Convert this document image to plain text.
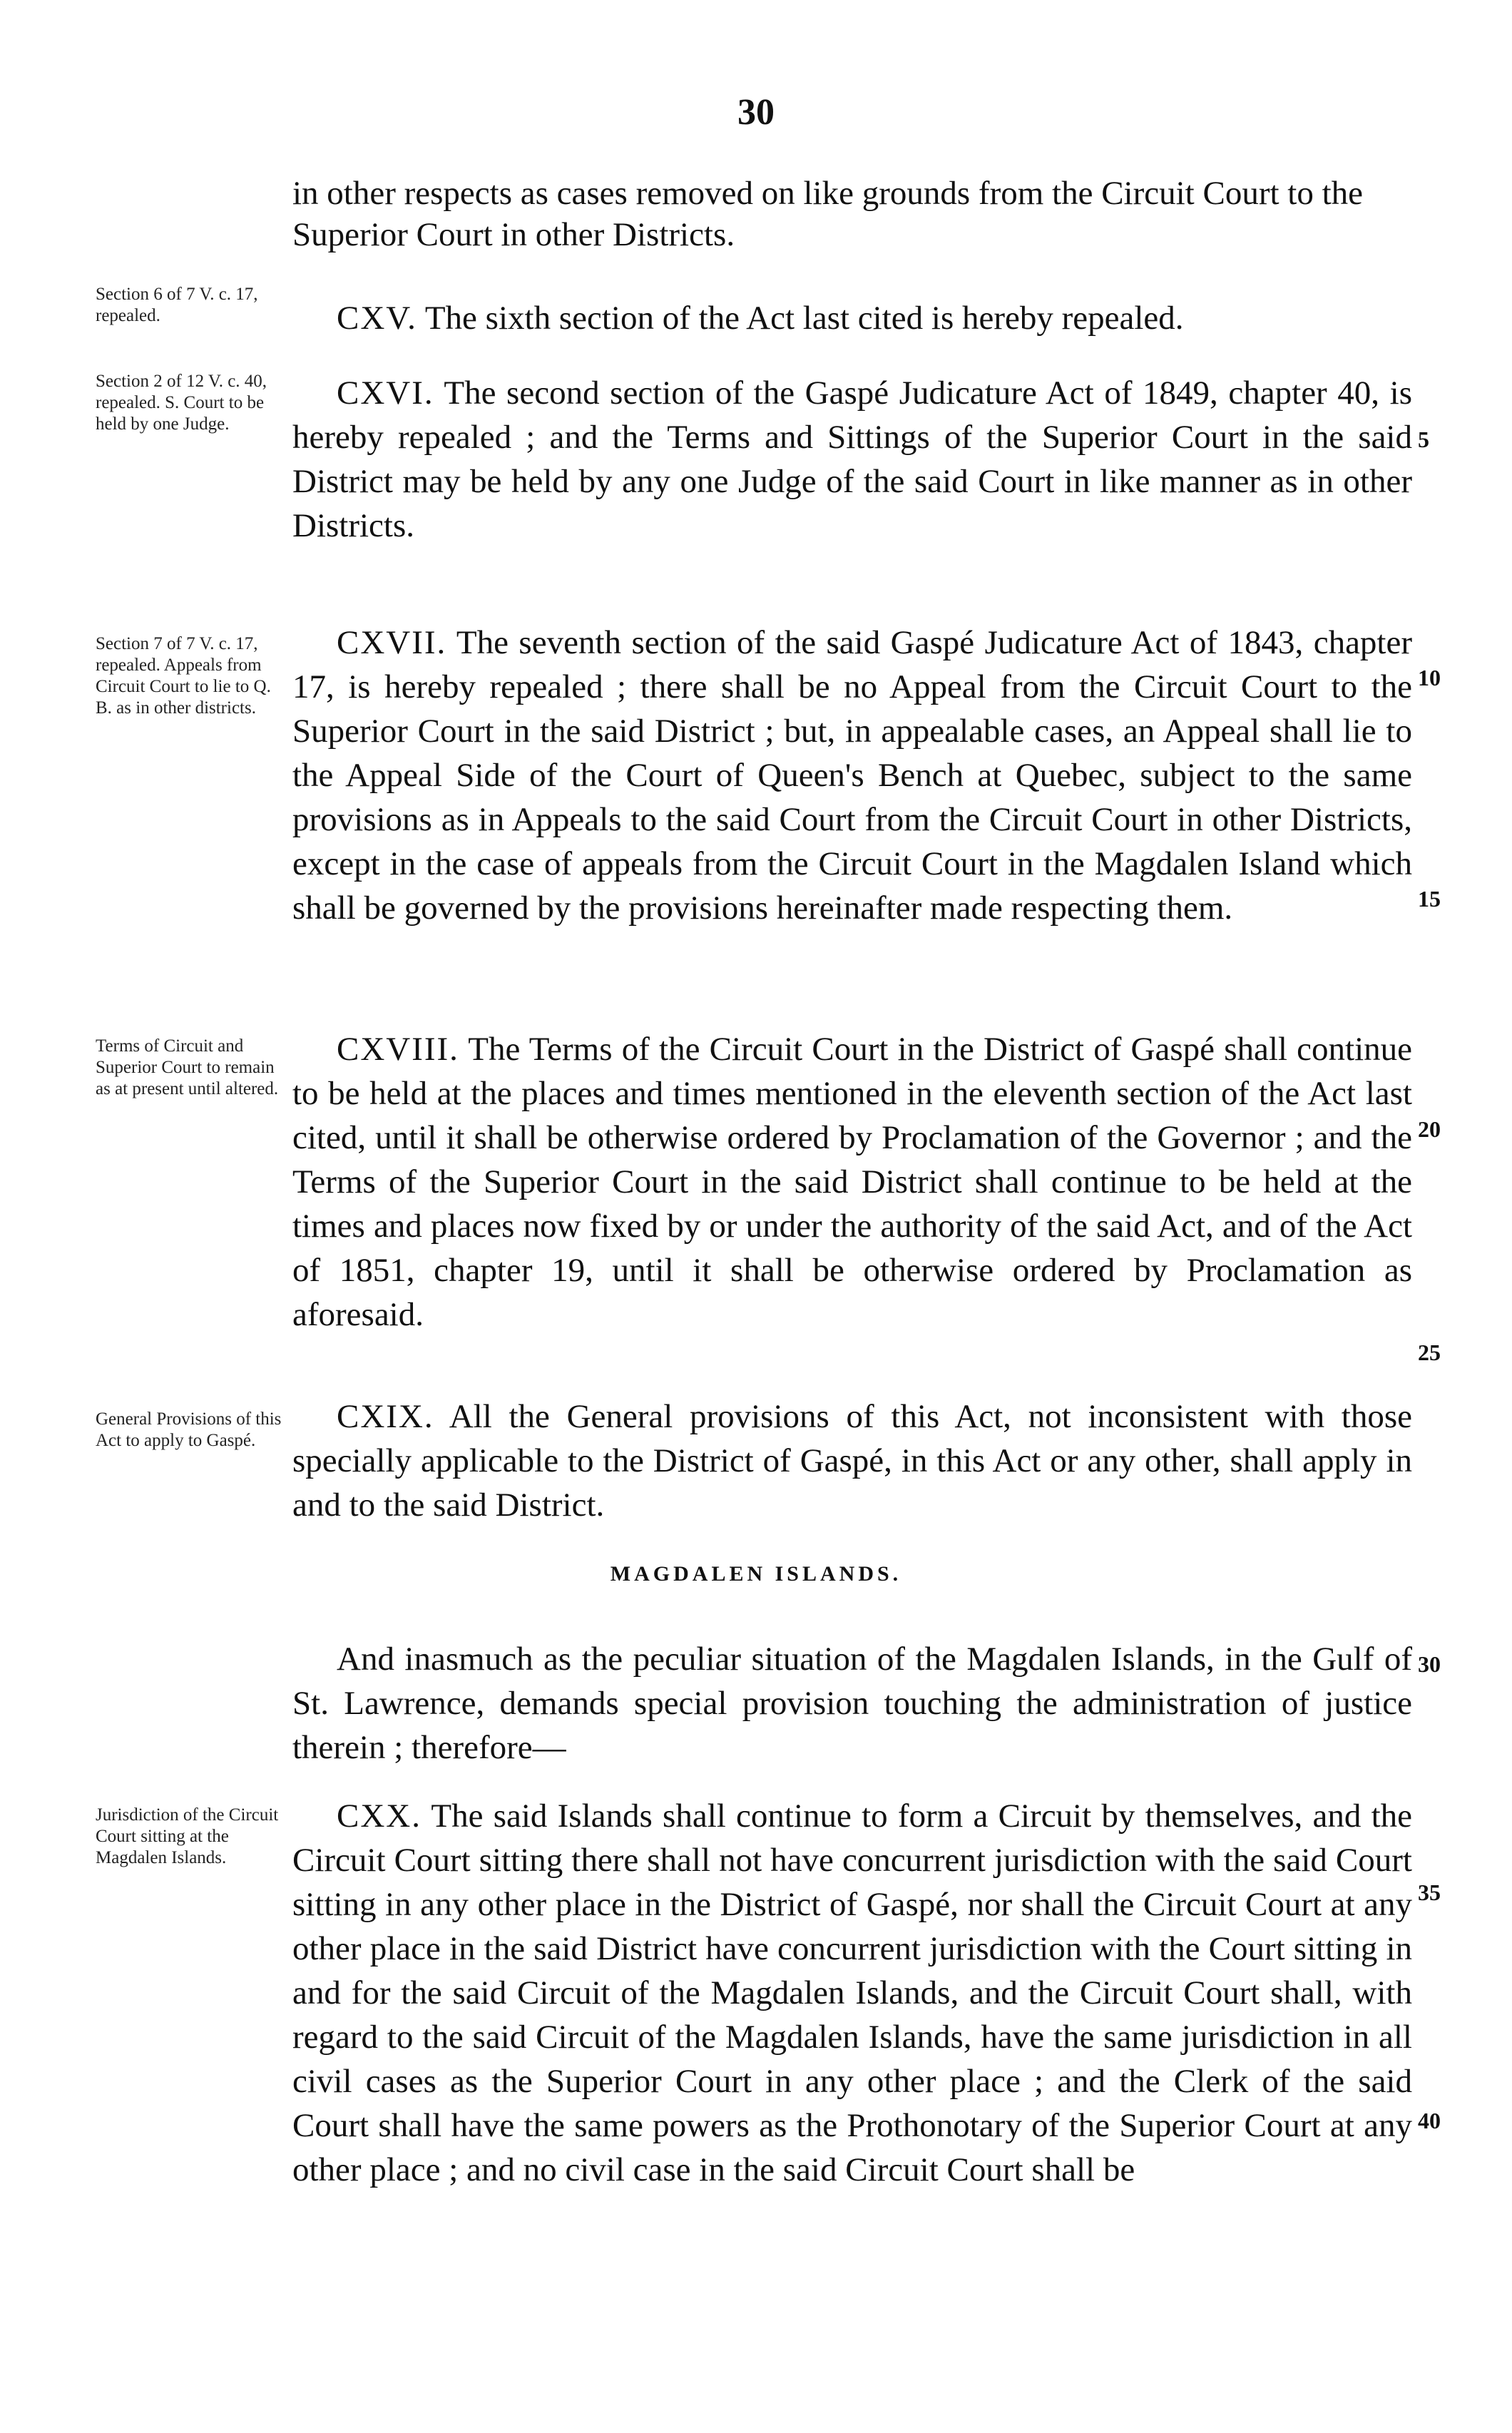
30
in other respects as cases removed on like grounds from the Circuit Court to the Superior Court in other Districts.
Section 6 of 7 V. c. 17, repealed.	CXV. The sixth section of the Act last cited is hereby repealed.
Section 2 of 12 V. c. 40, repealed. S. Court to be held by one Judge.
CXVI. The second section of the Gaspé Judicature Act of 1849, chapter 40, is hereby repealed ; and the Terms and Sittings of the Superior Court in the said District may be held by any one Judge of the said Court in like manner as in other Districts.
Section 7 of 7 V. c. 17, repealed. Appeals from Circuit Court to lie to Q. B. as in other districts.
CXVII. The seventh section of the said Gaspé Judicature Act of 1843, chapter 17, is hereby repealed ; there shall be no Appeal from the Circuit Court to the Superior Court in the said District ; but, in appealable cases, an Appeal shall lie to the Appeal Side of the Court of Queen's Bench at Quebec, subject to the same provisions as in Appeals to the said Court from the Circuit Court in other Districts, except in the case of appeals from the Circuit Court in the Magdalen Island which shall be governed by the provisions hereinafter made respecting them.
Terms of Circuit and Superior Court to remain as at present until altered.
CXVIII. The Terms of the Circuit Court in the District of Gaspé shall continue to be held at the places and times mentioned in the eleventh section of the Act last cited, until it shall be otherwise ordered by Proclamation of the Governor ; and the Terms of the Superior Court in the said District shall continue to be held at the times and places now fixed by or under the authority of the said Act, and of the Act of 1851, chapter 19, until it shall be otherwise ordered by Proclamation as aforesaid.
General Provisions of this Act to apply to Gaspé.
CXIX. All the General provisions of this Act, not inconsistent with those specially applicable to the District of Gaspé, in this Act or any other, shall apply in and to the said District.
MAGDALEN ISLANDS.
And inasmuch as the peculiar situation of the Magdalen Islands, in the Gulf of St. Lawrence, demands special provision touching the administration of justice therein ; therefore—
Jurisdiction of the Circuit Court sitting at the Magdalen Islands.
CXX. The said Islands shall continue to form a Circuit by themselves, and the Circuit Court sitting there shall not have concurrent jurisdiction with the said Court sitting in any other place in the District of Gaspé, nor shall the Circuit Court at any other place in the said District have concurrent jurisdiction with the Court sitting in and for the said Circuit of the Magdalen Islands, and the Circuit Court shall, with regard to the said Circuit of the Magdalen Islands, have the same jurisdiction in all civil cases as the Superior Court in any other place ; and the Clerk of the said Court shall have the same powers as the Prothonotary of the Superior Court at any other place ; and no civil case in the said Circuit Court shall be
5
10
15
20
25
30
35
40
